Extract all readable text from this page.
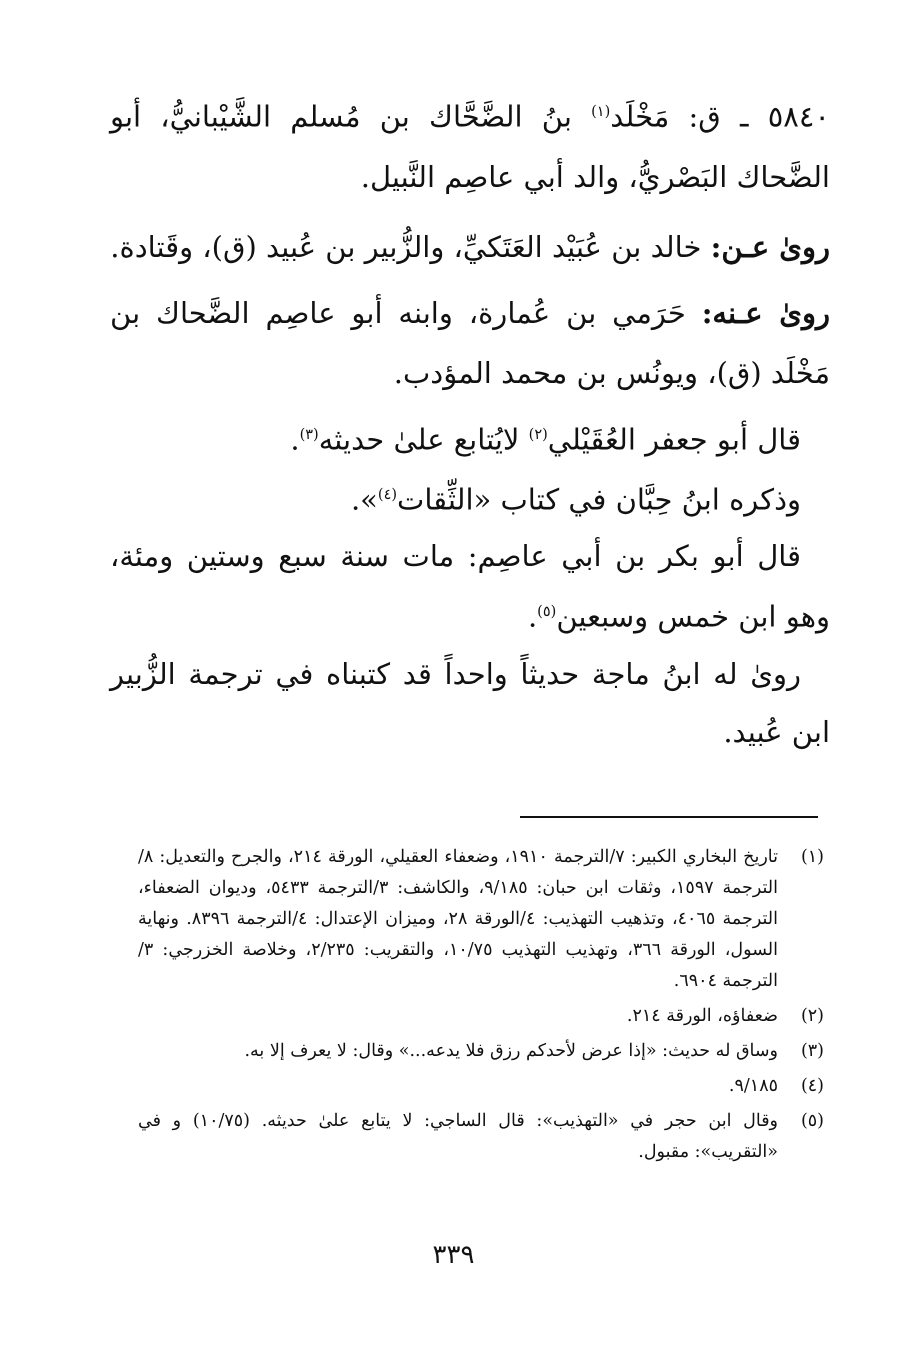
٥٨٤٠ ـ ق: مَخْلَد$^{(١)}$ بنُ الضَّحَّاك بن مُسلم الشَّيْبانيُّ، أبو الضَّحاك البَصْريُّ، والد أبي عاصِم النَّبيل.

روىٰ عـن: خالد بن عُبَيْد العَتَكيِّ، والزُّبير بن عُبيد (ق)، وقَتادة.

روىٰ عـنه: حَرَمي بن عُمارة، وابنه أبو عاصِم الضَّحاك بن مَخْلَد (ق)، ويونُس بن محمد المؤدب.

 قال أبو جعفر العُقَيْلي$^{(٢)}$ لايُتابع علىٰ حديثه$^{(٣)}$.

 وذكره ابنُ حِبَّان في كتاب «الثِّقات$^{(٤)}$».

 قال أبو بكر بن أبي عاصِم: مات سنة سبع وستين ومئة، وهو ابن خمس وسبعين$^{(٥)}$.

 روىٰ له ابنُ ماجة حديثاً واحداً قد كتبناه في ترجمة الزُّبير ابن عُبيد.

(١)
تاريخ البخاري الكبير: ٧/الترجمة ١٩١٠، وضعفاء العقيلي، الورقة ٢١٤، والجرح والتعديل: ٨/الترجمة ١٥٩٧، وثقات ابن حبان: ٩/١٨٥، والكاشف: ٣/الترجمة ٥٤٣٣، وديوان الضعفاء، الترجمة ٤٠٦٥، وتذهيب التهذيب: ٤/الورقة ٢٨، وميزان الإعتدال: ٤/الترجمة ٨٣٩٦. ونهاية السول، الورقة ٣٦٦، وتهذيب التهذيب ١٠/٧٥، والتقريب: ٢/٢٣٥، وخلاصة الخزرجي: ٣/الترجمة ٦٩٠٤.
(٢)
ضعفاؤه، الورقة ٢١٤.
(٣)
وساق له حديث: «إذا عرض لأحدكم رزق فلا يدعه...» وقال: لا يعرف إلا به.
(٤)
٩/١٨٥.
(٥)
وقال ابن حجر في «التهذيب»: قال الساجي: لا يتابع علىٰ حديثه. (١٠/٧٥) و في «التقريب»: مقبول.
٣٣٩
